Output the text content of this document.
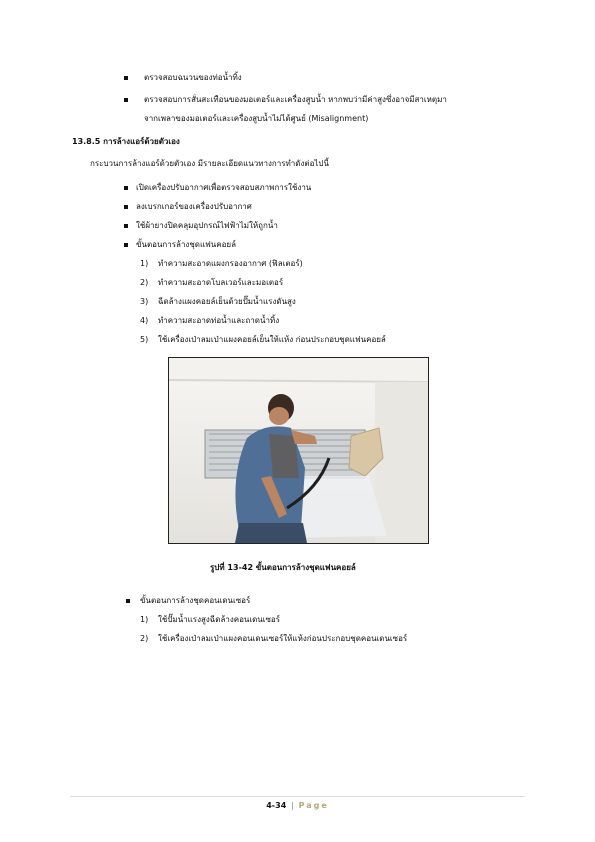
ตรวจสอบฉนวนของท่อน้ำทิ้ง
ตรวจสอบการสั่นสะเทือนของมอเตอร์และเครื่องสูบน้ำ หากพบว่ามีค่าสูงซึ่งอาจมีสาเหตุมา
จากเพลาของมอเตอร์และเครื่องสูบน้ำไม่ได้ศูนย์ (Misalignment)
13.8.5 การล้างแอร์ด้วยตัวเอง
กระบวนการล้างแอร์ด้วยตัวเอง มีรายละเอียดแนวทางการทำดังต่อไปนี้
เปิดเครื่องปรับอากาศเพื่อตรวจสอบสภาพการใช้งาน
ลงเบรกเกอร์ของเครื่องปรับอากาศ
ใช้ผ้ายางปิดคลุมอุปกรณ์ไฟฟ้าไม่ให้ถูกน้ำ
ขั้นตอนการล้างชุดแฟนคอยล์
1) ทำความสะอาดแผงกรองอากาศ (ฟิลเตอร์)
2) ทำความสะอาดโบลเวอร์และมอเตอร์
3) ฉีดล้างแผงคอยล์เย็นด้วยปั๊มน้ำแรงดันสูง
4) ทำความสะอาดท่อน้ำและถาดน้ำทิ้ง
5) ใช้เครื่องเป่าลมเป่าแผงคอยล์เย็นให้แห้ง ก่อนประกอบชุดแฟนคอยล์
รูปที่ 13-42 ขั้นตอนการล้างชุดแฟนคอยล์
ขั้นตอนการล้างชุดคอนเดนเซอร์
1) ใช้ปั๊มน้ำแรงสูงฉีดล้างคอนเดนเซอร์
2) ใช้เครื่องเป่าลมเป่าแผงคอนเดนเซอร์ให้แห้งก่อนประกอบชุดคอนเดนเซอร์
4-34 | Page
